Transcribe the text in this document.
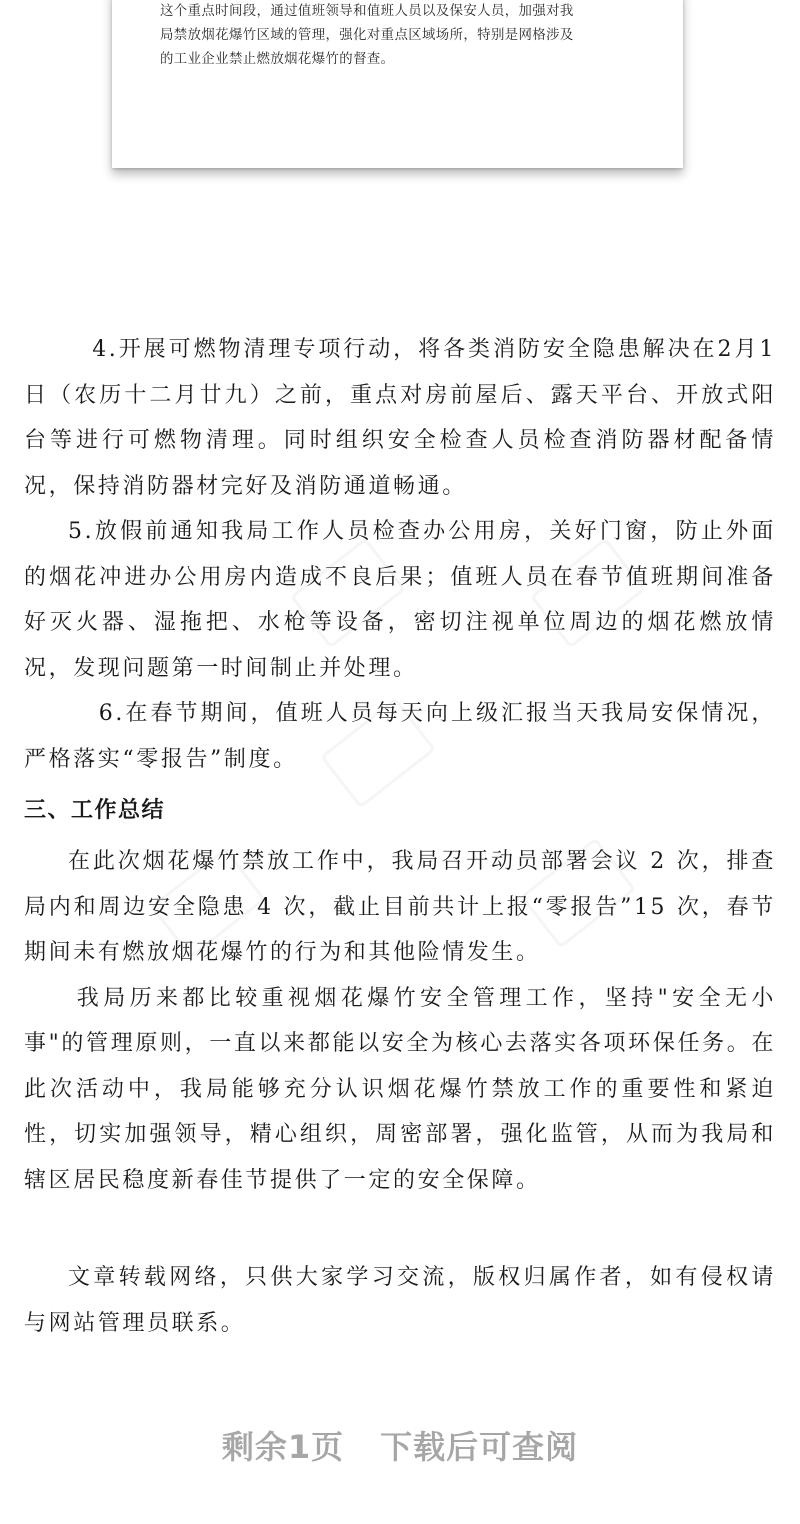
这个重点时间段，通过值班领导和值班人员以及保安人员，加强对我
局禁放烟花爆竹区域的管理，强化对重点区域场所，特别是网格涉及
的工业企业禁止燃放烟花爆竹的督查。

4.开展可燃物清理专项行动，将各类消防安全隐患解决在2月1日（农历十二月廿九）之前，重点对房前屋后、露天平台、开放式阳台等进行可燃物清理。同时组织安全检查人员检查消防器材配备情况，保持消防器材完好及消防通道畅通。

5.放假前通知我局工作人员检查办公用房，关好门窗，防止外面的烟花冲进办公用房内造成不良后果；值班人员在春节值班期间准备好灭火器、湿拖把、水枪等设备，密切注视单位周边的烟花燃放情况，发现问题第一时间制止并处理。

6.在春节期间，值班人员每天向上级汇报当天我局安保情况，严格落实“零报告”制度。

三、工作总结

在此次烟花爆竹禁放工作中，我局召开动员部署会议 2 次，排查局内和周边安全隐患 4 次，截止目前共计上报“零报告”15 次，春节期间未有燃放烟花爆竹的行为和其他险情发生。

我局历来都比较重视烟花爆竹安全管理工作，坚持"安全无小事"的管理原则，一直以来都能以安全为核心去落实各项环保任务。在此次活动中，我局能够充分认识烟花爆竹禁放工作的重要性和紧迫性，切实加强领导，精心组织，周密部署，强化监管，从而为我局和辖区居民稳度新春佳节提供了一定的安全保障。

文章转载网络，只供大家学习交流，版权归属作者，如有侵权请与网站管理员联系。

剩余1页 下载后可查阅
